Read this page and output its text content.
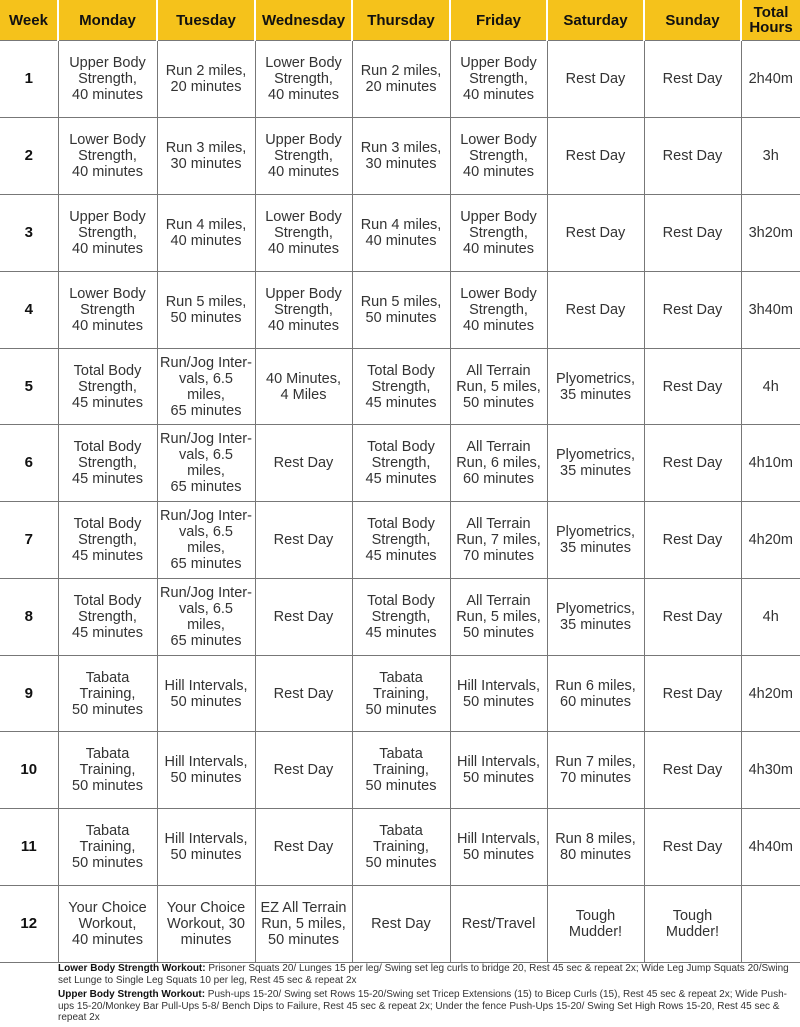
Week	Monday	Tuesday	Wednesday	Thursday	Friday	Saturday	Sunday	Total
Hours
1	Upper Body
Strength,
40 minutes	Run 2 miles,
20 minutes	Lower Body
Strength,
40 minutes	Run 2 miles,
20 minutes	Upper Body
Strength,
40 minutes	Rest Day	Rest Day	2h40m
2	Lower Body
Strength,
40 minutes	Run 3 miles,
30 minutes	Upper Body
Strength,
40 minutes	Run 3 miles,
30 minutes	Lower Body
Strength,
40 minutes	Rest Day	Rest Day	3h
3	Upper Body
Strength,
40 minutes	Run 4 miles,
40 minutes	Lower Body
Strength,
40 minutes	Run 4 miles,
40 minutes	Upper Body
Strength,
40 minutes	Rest Day	Rest Day	3h20m
4	Lower Body
Strength
40 minutes	Run 5 miles,
50 minutes	Upper Body
Strength,
40 minutes	Run 5 miles,
50 minutes	Lower Body
Strength,
40 minutes	Rest Day	Rest Day	3h40m
5	Total Body
Strength,
45 minutes	Run/Jog Inter-
vals, 6.5 miles,
65 minutes	40 Minutes,
4 Miles	Total Body
Strength,
45 minutes	All Terrain
Run, 5 miles,
50 minutes	Plyometrics,
35 minutes	Rest Day	4h
6	Total Body
Strength,
45 minutes	Run/Jog Inter-
vals, 6.5 miles,
65 minutes	Rest Day	Total Body
Strength,
45 minutes	All Terrain
Run, 6 miles,
60 minutes	Plyometrics,
35 minutes	Rest Day	4h10m
7	Total Body
Strength,
45 minutes	Run/Jog Inter-
vals, 6.5 miles,
65 minutes	Rest Day	Total Body
Strength,
45 minutes	All Terrain
Run, 7 miles,
70 minutes	Plyometrics,
35 minutes	Rest Day	4h20m
8	Total Body
Strength,
45 minutes	Run/Jog Inter-
vals, 6.5 miles,
65 minutes	Rest Day	Total Body
Strength,
45 minutes	All Terrain
Run, 5 miles,
50 minutes	Plyometrics,
35 minutes	Rest Day	4h
9	Tabata
Training,
50 minutes	Hill Intervals,
50 minutes	Rest Day	Tabata
Training,
50 minutes	Hill Intervals,
50 minutes	Run 6 miles,
60 minutes	Rest Day	4h20m
10	Tabata
Training,
50 minutes	Hill Intervals,
50 minutes	Rest Day	Tabata
Training,
50 minutes	Hill Intervals,
50 minutes	Run 7 miles,
70 minutes	Rest Day	4h30m
11	Tabata
Training,
50 minutes	Hill Intervals,
50 minutes	Rest Day	Tabata
Training,
50 minutes	Hill Intervals,
50 minutes	Run 8 miles,
80 minutes	Rest Day	4h40m
12	Your Choice
Workout,
40 minutes	Your Choice
Workout, 30
minutes	EZ All Terrain
Run, 5 miles,
50 minutes	Rest Day	Rest/Travel	Tough
Mudder!	Tough
Mudder!	

Lower Body Strength Workout: Prisoner Squats 20/ Lunges 15 per leg/ Swing set leg curls to bridge 20, Rest 45 sec & repeat 2x; Wide Leg Jump Squats 20/Swing set Lunge to Single Leg Squats 10 per leg, Rest 45 sec & repeat 2x

Upper Body Strength Workout: Push-ups 15-20/ Swing set Rows 15-20/Swing set Tricep Extensions (15) to Bicep Curls (15), Rest 45 sec & repeat 2x; Wide Push-ups 15-20/Monkey Bar Pull-Ups 5-8/ Bench Dips to Failure, Rest 45 sec & repeat 2x; Under the fence Push-Ups 15-20/ Swing Set High Rows 15-20, Rest 45 sec & repeat 2x
